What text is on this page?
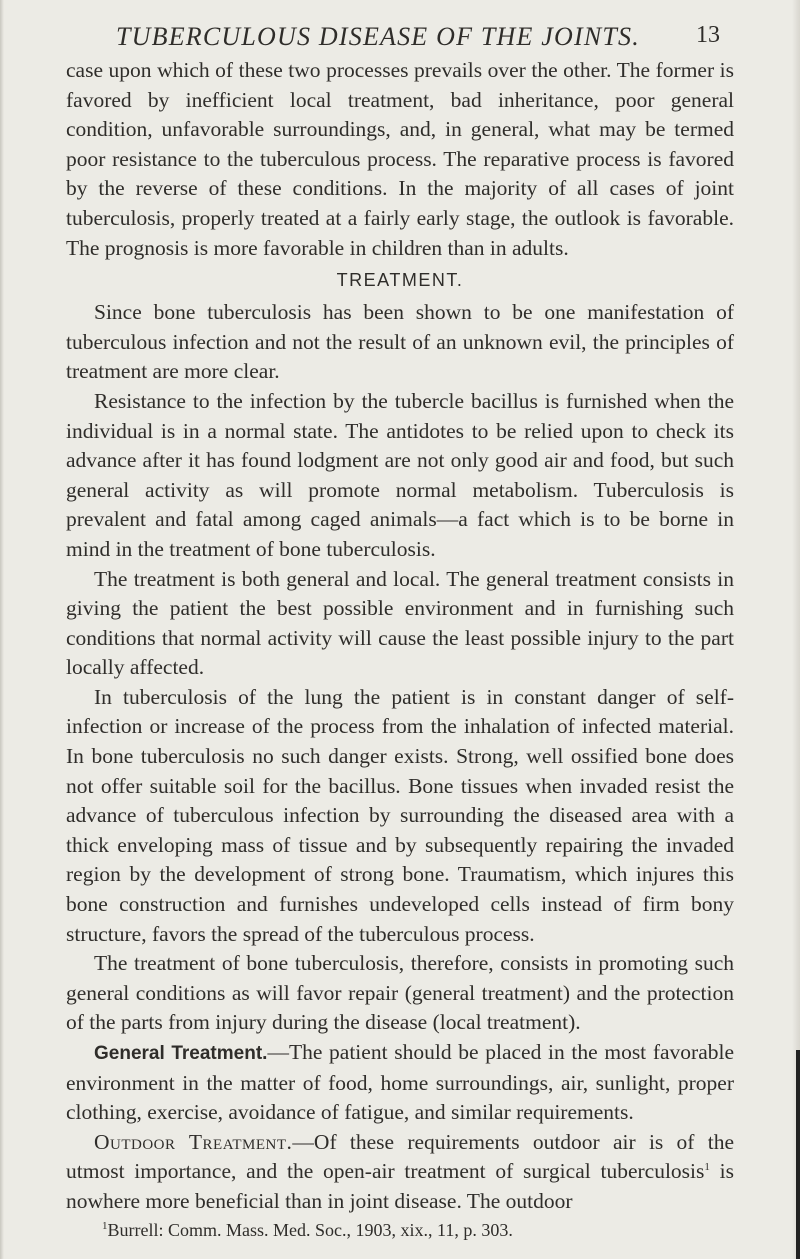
TUBERCULOUS DISEASE OF THE JOINTS. 13

case upon which of these two processes prevails over the other. The former is favored by inefficient local treatment, bad inheritance, poor general condition, unfavorable surroundings, and, in general, what may be termed poor resistance to the tuberculous process. The reparative process is favored by the reverse of these conditions. In the majority of all cases of joint tuberculosis, properly treated at a fairly early stage, the outlook is favorable. The prognosis is more favorable in children than in adults.

TREATMENT.

Since bone tuberculosis has been shown to be one manifestation of tuberculous infection and not the result of an unknown evil, the principles of treatment are more clear.

Resistance to the infection by the tubercle bacillus is furnished when the individual is in a normal state. The antidotes to be relied upon to check its advance after it has found lodgment are not only good air and food, but such general activity as will promote normal metabolism. Tuberculosis is prevalent and fatal among caged animals—a fact which is to be borne in mind in the treatment of bone tuberculosis.

The treatment is both general and local. The general treatment consists in giving the patient the best possible environment and in furnishing such conditions that normal activity will cause the least possible injury to the part locally affected.

In tuberculosis of the lung the patient is in constant danger of self-infection or increase of the process from the inhalation of infected material. In bone tuberculosis no such danger exists. Strong, well ossified bone does not offer suitable soil for the bacillus. Bone tissues when invaded resist the advance of tuberculous infection by surrounding the diseased area with a thick enveloping mass of tissue and by subsequently repairing the invaded region by the development of strong bone. Traumatism, which injures this bone construction and furnishes undeveloped cells instead of firm bony structure, favors the spread of the tuberculous process.

The treatment of bone tuberculosis, therefore, consists in promoting such general conditions as will favor repair (general treatment) and the protection of the parts from injury during the disease (local treatment).

General Treatment.—The patient should be placed in the most favorable environment in the matter of food, home surroundings, air, sunlight, proper clothing, exercise, avoidance of fatigue, and similar requirements.

Outdoor Treatment.—Of these requirements outdoor air is of the utmost importance, and the open-air treatment of surgical tuberculosis$^1$ is nowhere more beneficial than in joint disease. The outdoor

$^1$Burrell: Comm. Mass. Med. Soc., 1903, xix., 11, p. 303.
